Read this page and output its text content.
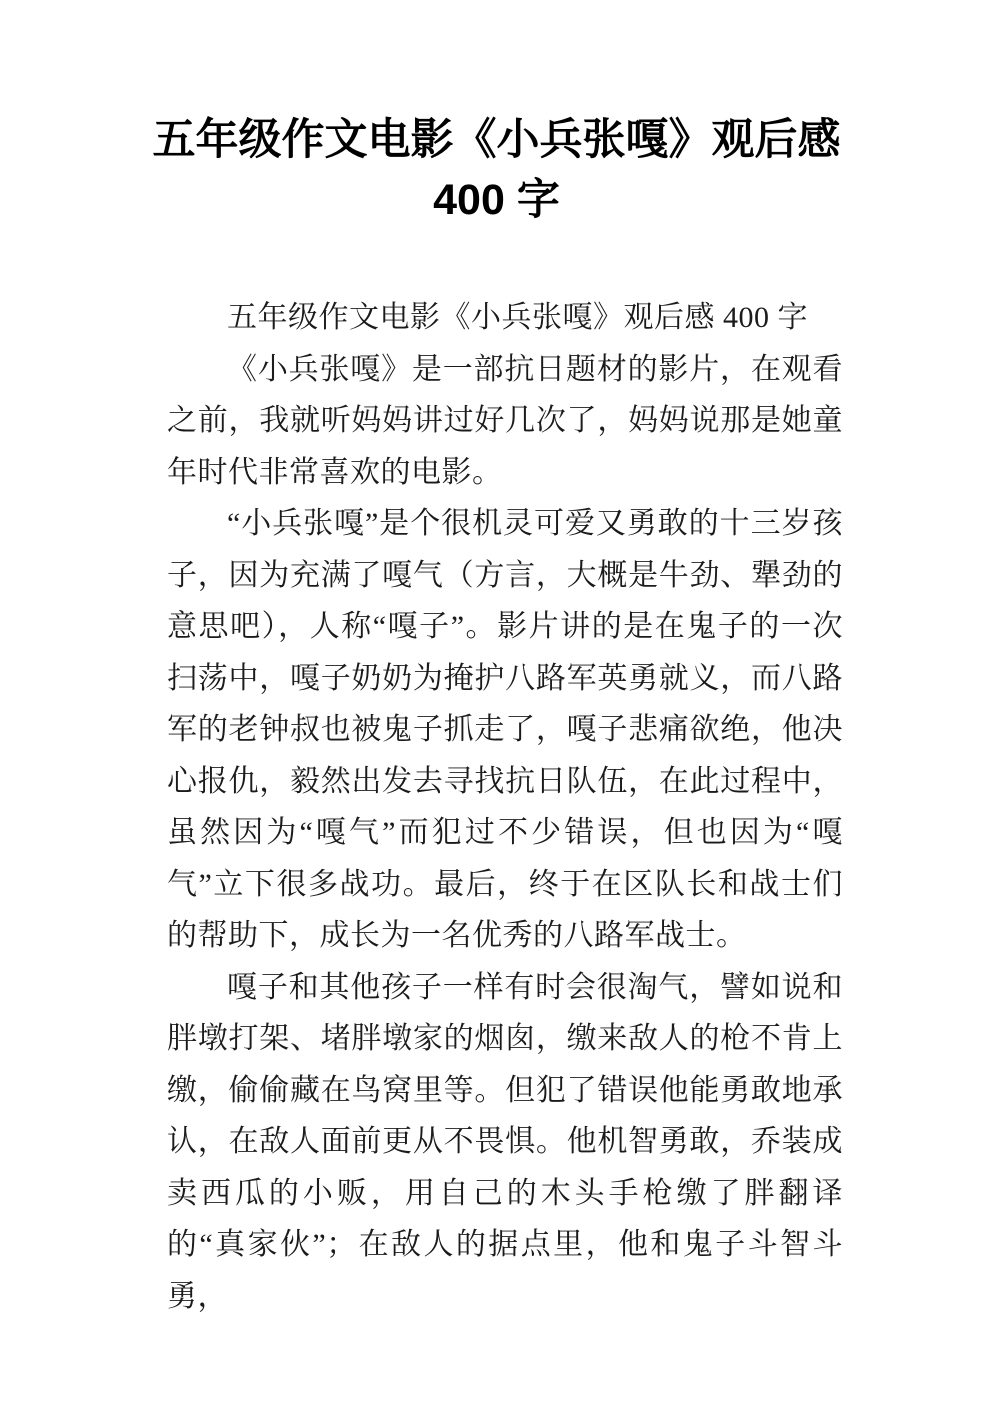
五年级作文电影《小兵张嘎》观后感
400 字

五年级作文电影《小兵张嘎》观后感 400 字

《小兵张嘎》是一部抗日题材的影片，在观看之前，我就听妈妈讲过好几次了，妈妈说那是她童年时代非常喜欢的电影。

“小兵张嘎”是个很机灵可爱又勇敢的十三岁孩子，因为充满了嘎气（方言，大概是牛劲、犟劲的意思吧），人称“嘎子”。影片讲的是在鬼子的一次扫荡中，嘎子奶奶为掩护八路军英勇就义，而八路军的老钟叔也被鬼子抓走了，嘎子悲痛欲绝，他决心报仇，毅然出发去寻找抗日队伍，在此过程中，虽然因为“嘎气”而犯过不少错误，但也因为“嘎气”立下很多战功。最后，终于在区队长和战士们的帮助下，成长为一名优秀的八路军战士。

嘎子和其他孩子一样有时会很淘气，譬如说和胖墩打架、堵胖墩家的烟囱，缴来敌人的枪不肯上缴，偷偷藏在鸟窝里等。但犯了错误他能勇敢地承认，在敌人面前更从不畏惧。他机智勇敢，乔装成卖西瓜的小贩，用自己的木头手枪缴了胖翻译的“真家伙”；在敌人的据点里，他和鬼子斗智斗勇，
